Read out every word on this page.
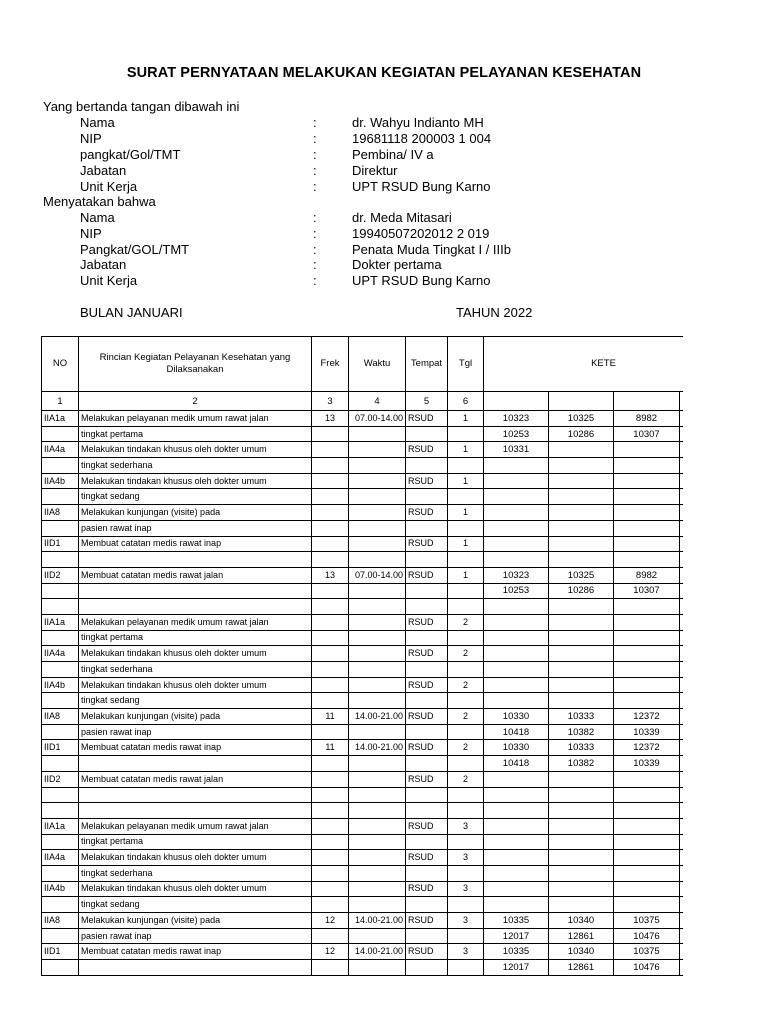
SURAT PERNYATAAN MELAKUKAN KEGIATAN PELAYANAN KESEHATAN
Yang bertanda tangan dibawah ini
Nama	:	dr. Wahyu Indianto MH
NIP	:	19681118 200003 1 004
pangkat/Gol/TMT	:	Pembina/ IV a
Jabatan	:	Direktur
Unit Kerja	:	UPT RSUD Bung Karno
Menyatakan bahwa
Nama	:	dr. Meda Mitasari
NIP	:	19940507202012 2 019
Pangkat/GOL/TMT	:	Penata Muda Tingkat I / IIIb
Jabatan	:	Dokter pertama
Unit Kerja	:	UPT RSUD Bung Karno
BULAN JANUARI	TAHUN 2022
NO	Rincian Kegiatan Pelayanan Kesehatan yang Dilaksanakan	Frek	Waktu	Tempat	Tgl	KETE			
1	2	3	4	5	6				
IIA1a	Melakukan pelayanan medik umum rawat jalan	13	07.00-14.00	RSUD	1	10323	10325	8982	
	tingkat pertama					10253	10286	10307	
IIA4a	Melakukan tindakan khusus oleh dokter umum			RSUD	1	10331			
	tingkat sederhana								
IIA4b	Melakukan tindakan khusus oleh dokter umum			RSUD	1				
	tingkat sedang								
IIA8	Melakukan kunjungan (visite) pada			RSUD	1				
	pasien rawat inap								
IID1	Membuat catatan medis rawat inap			RSUD	1				

IID2	Membuat catatan medis rawat jalan	13	07.00-14.00	RSUD	1	10323	10325	8982	
						10253	10286	10307	

IIA1a	Melakukan pelayanan medik umum rawat jalan			RSUD	2				
	tingkat pertama								
IIA4a	Melakukan tindakan khusus oleh dokter umum			RSUD	2				
	tingkat sederhana								
IIA4b	Melakukan tindakan khusus oleh dokter umum			RSUD	2				
	tingkat sedang								
IIA8	Melakukan kunjungan (visite) pada	11	14.00-21.00	RSUD	2	10330	10333	12372	
	pasien rawat inap					10418	10382	10339	
IID1	Membuat catatan medis rawat inap	11	14.00-21.00	RSUD	2	10330	10333	12372	
						10418	10382	10339	
IID2	Membuat catatan medis rawat jalan			RSUD	2				

IIA1a	Melakukan pelayanan medik umum rawat jalan			RSUD	3				
	tingkat pertama								
IIA4a	Melakukan tindakan khusus oleh dokter umum			RSUD	3				
	tingkat sederhana								
IIA4b	Melakukan tindakan khusus oleh dokter umum			RSUD	3				
	tingkat sedang								
IIA8	Melakukan kunjungan (visite) pada	12	14.00-21.00	RSUD	3	10335	10340	10375	
	pasien rawat inap					12017	12861	10476	
IID1	Membuat catatan medis rawat inap	12	14.00-21.00	RSUD	3	10335	10340	10375	
						12017	12861	10476	
